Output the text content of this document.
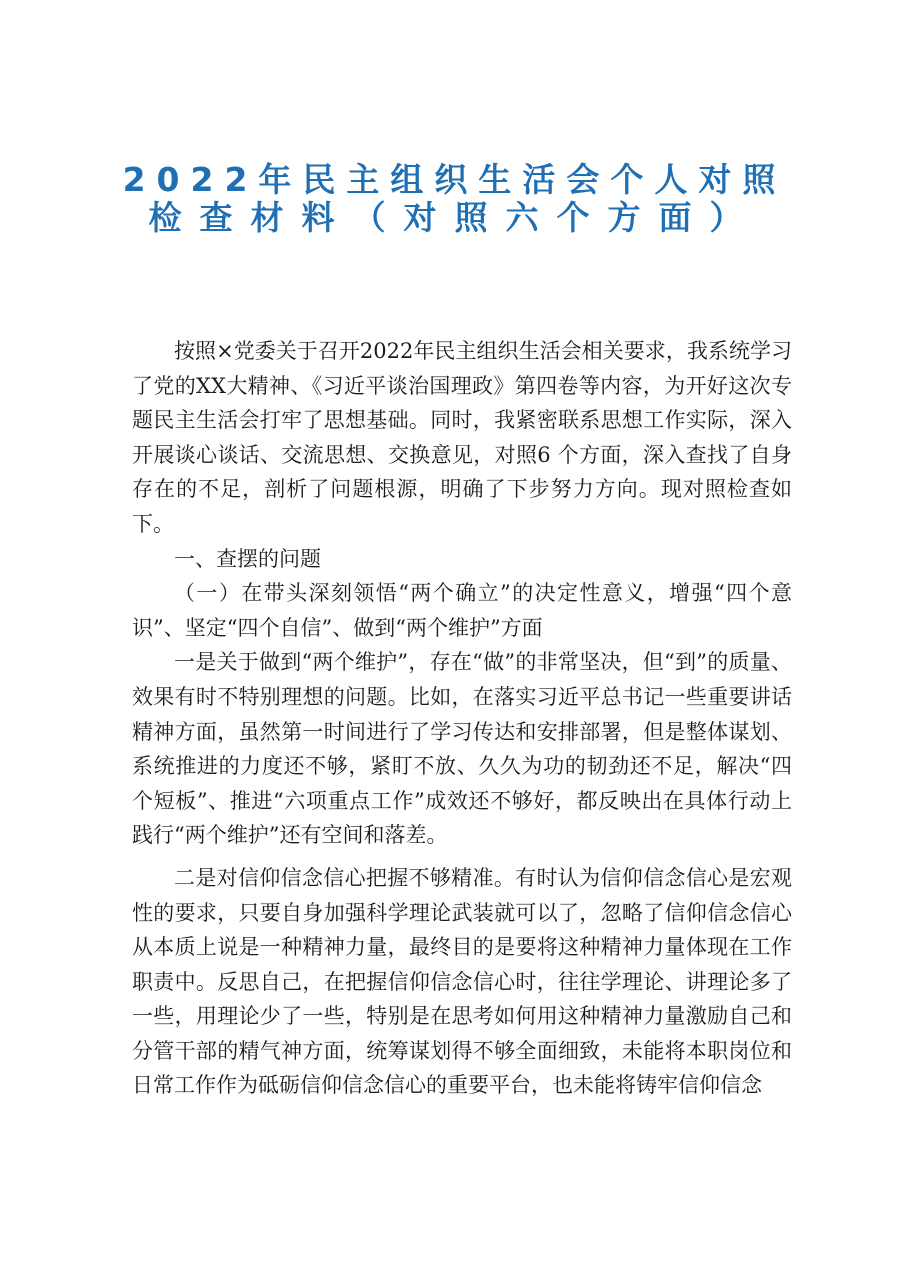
2022年民主组织生活会个人对照
检查材料（对照六个方面）

按照×党委关于召开2022年民主组织生活会相关要求，我系统学习了党的XX大精神、《习近平谈治国理政》第四卷等内容，为开好这次专题民主生活会打牢了思想基础。同时，我紧密联系思想工作实际，深入开展谈心谈话、交流思想、交换意见，对照6 个方面，深入查找了自身存在的不足，剖析了问题根源，明确了下步努力方向。现对照检查如下。

一、查摆的问题

（一）在带头深刻领悟“两个确立”的决定性意义，增强“四个意识”、坚定“四个自信”、做到“两个维护”方面

一是关于做到“两个维护”，存在“做”的非常坚决，但“到”的质量、效果有时不特别理想的问题。比如，在落实习近平总书记一些重要讲话精神方面，虽然第一时间进行了学习传达和安排部署，但是整体谋划、系统推进的力度还不够，紧盯不放、久久为功的韧劲还不足，解决“四个短板”、推进“六项重点工作”成效还不够好，都反映出在具体行动上践行“两个维护”还有空间和落差。

二是对信仰信念信心把握不够精准。有时认为信仰信念信心是宏观性的要求，只要自身加强科学理论武装就可以了，忽略了信仰信念信心从本质上说是一种精神力量，最终目的是要将这种精神力量体现在工作职责中。反思自己，在把握信仰信念信心时，往往学理论、讲理论多了一些，用理论少了一些，特别是在思考如何用这种精神力量激励自己和分管干部的精气神方面，统筹谋划得不够全面细致，未能将本职岗位和日常工作作为砥砺信仰信念信心的重要平台，也未能将铸牢信仰信念
